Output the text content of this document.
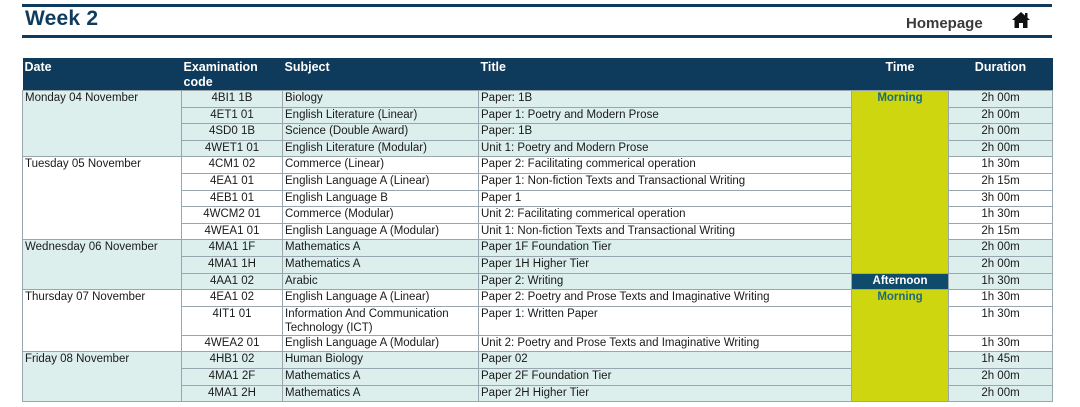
Week 2	Homepage
Date	Examination code	Subject	Title	Time	Duration
Monday 04 November	4BI1 1B	Biology	Paper: 1B	Morning	2h 00m
	4ET1 01	English Literature (Linear)	Paper 1: Poetry and Modern Prose		2h 00m
	4SD0 1B	Science (Double Award)	Paper: 1B		2h 00m
	4WET1 01	English Literature (Modular)	Unit 1: Poetry and Modern Prose		2h 00m
Tuesday 05 November	4CM1 02	Commerce (Linear)	Paper 2: Facilitating commerical operation		1h 30m
	4EA1 01	English Language A (Linear)	Paper 1: Non-fiction Texts and Transactional Writing		2h 15m
	4EB1 01	English Language B	Paper 1		3h 00m
	4WCM2 01	Commerce (Modular)	Unit 2: Facilitating commerical operation		1h 30m
	4WEA1 01	English Language A (Modular)	Unit 1: Non-fiction Texts and Transactional Writing		2h 15m
Wednesday 06 November	4MA1 1F	Mathematics A	Paper 1F Foundation Tier		2h 00m
	4MA1 1H	Mathematics A	Paper 1H Higher Tier		2h 00m
	4AA1 02	Arabic	Paper 2: Writing	Afternoon	1h 30m
Thursday 07 November	4EA1 02	English Language A (Linear)	Paper 2: Poetry and Prose Texts and Imaginative Writing	Morning	1h 30m
	4IT1 01	Information And Communication Technology (ICT)	Paper 1: Written Paper		1h 30m
	4WEA2 01	English Language A (Modular)	Unit 2: Poetry and Prose Texts and Imaginative Writing		1h 30m
Friday 08 November	4HB1 02	Human Biology	Paper 02		1h 45m
	4MA1 2F	Mathematics A	Paper 2F Foundation Tier		2h 00m
	4MA1 2H	Mathematics A	Paper 2H Higher Tier		2h 00m
